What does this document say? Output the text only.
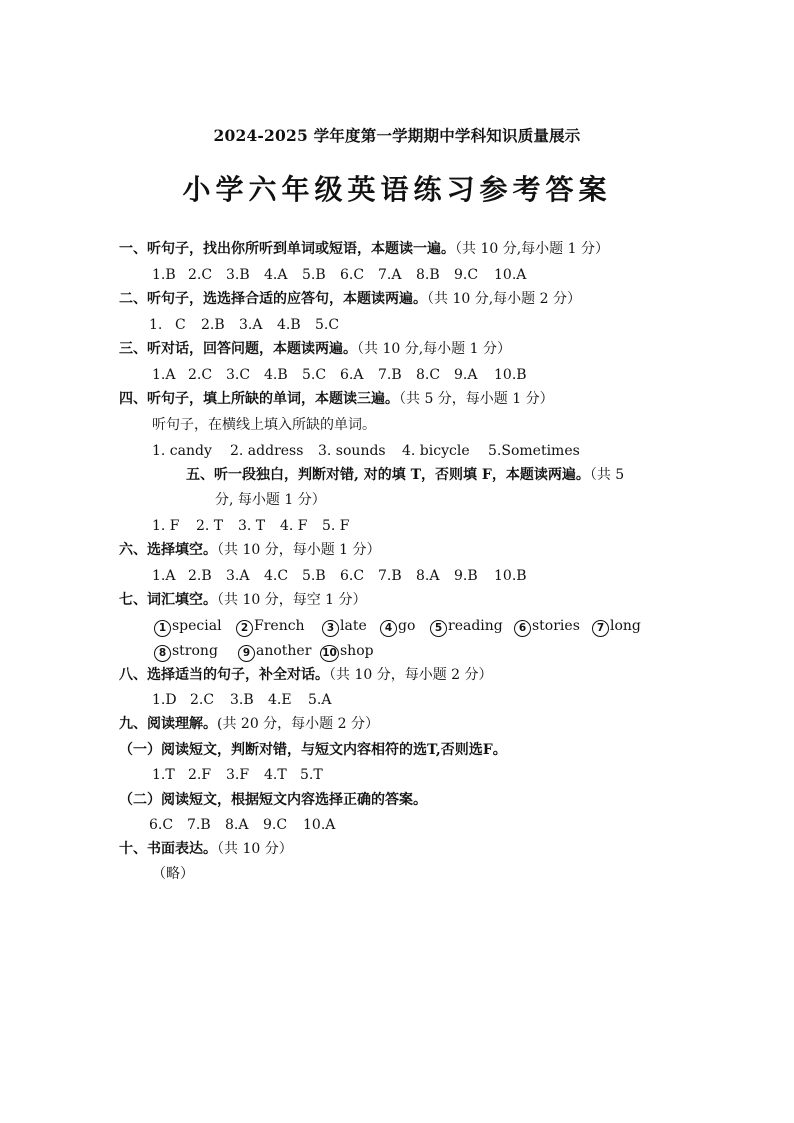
2024-2025 学年度第一学期期中学科知识质量展示
小学六年级英语练习参考答案
一、听句子，找出你所听到单词或短语，本题读一遍。（共 10 分,每小题 1 分）
1.B 2.C 3.B 4.A 5.B 6.C 7.A 8.B 9.C 10.A
二、听句子，选选择合适的应答句，本题读两遍。（共 10 分,每小题 2 分）
1. C 2.B 3.A 4.B 5.C
三、听对话，回答问题，本题读两遍。（共 10 分,每小题 1 分）
1.A 2.C 3.C 4.B 5.C 6.A 7.B 8.C 9.A 10.B
四、听句子，填上所缺的单词，本题读三遍。（共 5 分，每小题 1 分）
听句子，在横线上填入所缺的单词。
1. candy 2. address 3. sounds 4. bicycle 5.Sometimes
五、听一段独白，判断对错, 对的填 T，否则填 F，本题读两遍。（共 5
分, 每小题 1 分）
1. F 2. T 3. T 4. F 5. F
六、选择填空。（共 10 分，每小题 1 分）
1.A 2.B 3.A 4.C 5.B 6.C 7.B 8.A 9.B 10.B
七、词汇填空。（共 10 分，每空 1 分）
1 special 2 French 3 late 4 go 5 reading 6 stories 7 long
8 strong 9 another 10 shop
八、选择适当的句子，补全对话。（共 10 分，每小题 2 分）
1.D 2.C 3.B 4.E 5.A
九、阅读理解。(共 20 分，每小题 2 分）
（一）阅读短文，判断对错，与短文内容相符的选T,否则选F。
1.T 2.F 3.F 4.T 5.T
（二）阅读短文，根据短文内容选择正确的答案。
6.C 7.B 8.A 9.C 10.A
十、书面表达。（共 10 分）
（略）
